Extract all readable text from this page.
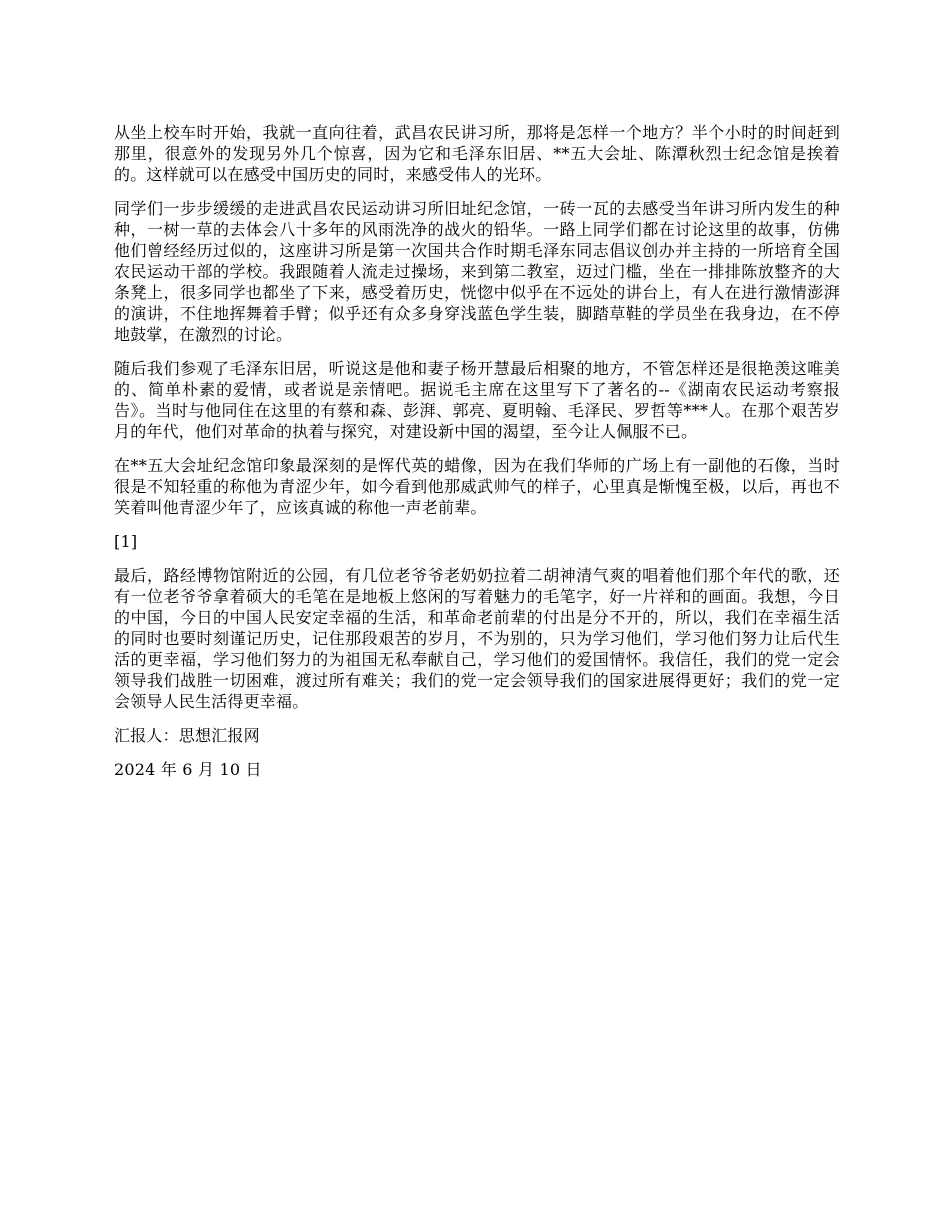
从坐上校车时开始，我就一直向往着，武昌农民讲习所，那将是怎样一个地方？半个小时的时间赶到那里，很意外的发现另外几个惊喜，因为它和毛泽东旧居、**五大会址、陈潭秋烈士纪念馆是挨着的。这样就可以在感受中国历史的同时，来感受伟人的光环。

同学们一步步缓缓的走进武昌农民运动讲习所旧址纪念馆，一砖一瓦的去感受当年讲习所内发生的种种，一树一草的去体会八十多年的风雨洗净的战火的铅华。一路上同学们都在讨论这里的故事，仿佛他们曾经经历过似的，这座讲习所是第一次国共合作时期毛泽东同志倡议创办并主持的一所培育全国农民运动干部的学校。我跟随着人流走过操场，来到第二教室，迈过门槛，坐在一排排陈放整齐的大条凳上，很多同学也都坐了下来，感受着历史，恍惚中似乎在不远处的讲台上，有人在进行激情澎湃的演讲，不住地挥舞着手臂；似乎还有众多身穿浅蓝色学生装，脚踏草鞋的学员坐在我身边，在不停地鼓掌，在激烈的讨论。

随后我们参观了毛泽东旧居，听说这是他和妻子杨开慧最后相聚的地方，不管怎样还是很艳羡这唯美的、简单朴素的爱情，或者说是亲情吧。据说毛主席在这里写下了著名的--《湖南农民运动考察报告》。当时与他同住在这里的有蔡和森、彭湃、郭亮、夏明翰、毛泽民、罗哲等***人。在那个艰苦岁月的年代，他们对革命的执着与探究，对建设新中国的渴望，至今让人佩服不已。

在**五大会址纪念馆印象最深刻的是恽代英的蜡像，因为在我们华师的广场上有一副他的石像，当时很是不知轻重的称他为青涩少年，如今看到他那威武帅气的样子，心里真是惭愧至极，以后，再也不笑着叫他青涩少年了，应该真诚的称他一声老前辈。

[1]

最后，路经博物馆附近的公园，有几位老爷爷老奶奶拉着二胡神清气爽的唱着他们那个年代的歌，还有一位老爷爷拿着硕大的毛笔在是地板上悠闲的写着魅力的毛笔字，好一片祥和的画面。我想，今日的中国，今日的中国人民安定幸福的生活，和革命老前辈的付出是分不开的，所以，我们在幸福生活的同时也要时刻谨记历史，记住那段艰苦的岁月，不为别的，只为学习他们，学习他们努力让后代生活的更幸福，学习他们努力的为祖国无私奉献自己，学习他们的爱国情怀。我信任，我们的党一定会领导我们战胜一切困难，渡过所有难关；我们的党一定会领导我们的国家进展得更好；我们的党一定会领导人民生活得更幸福。

汇报人：思想汇报网

2024 年 6 月 10 日
